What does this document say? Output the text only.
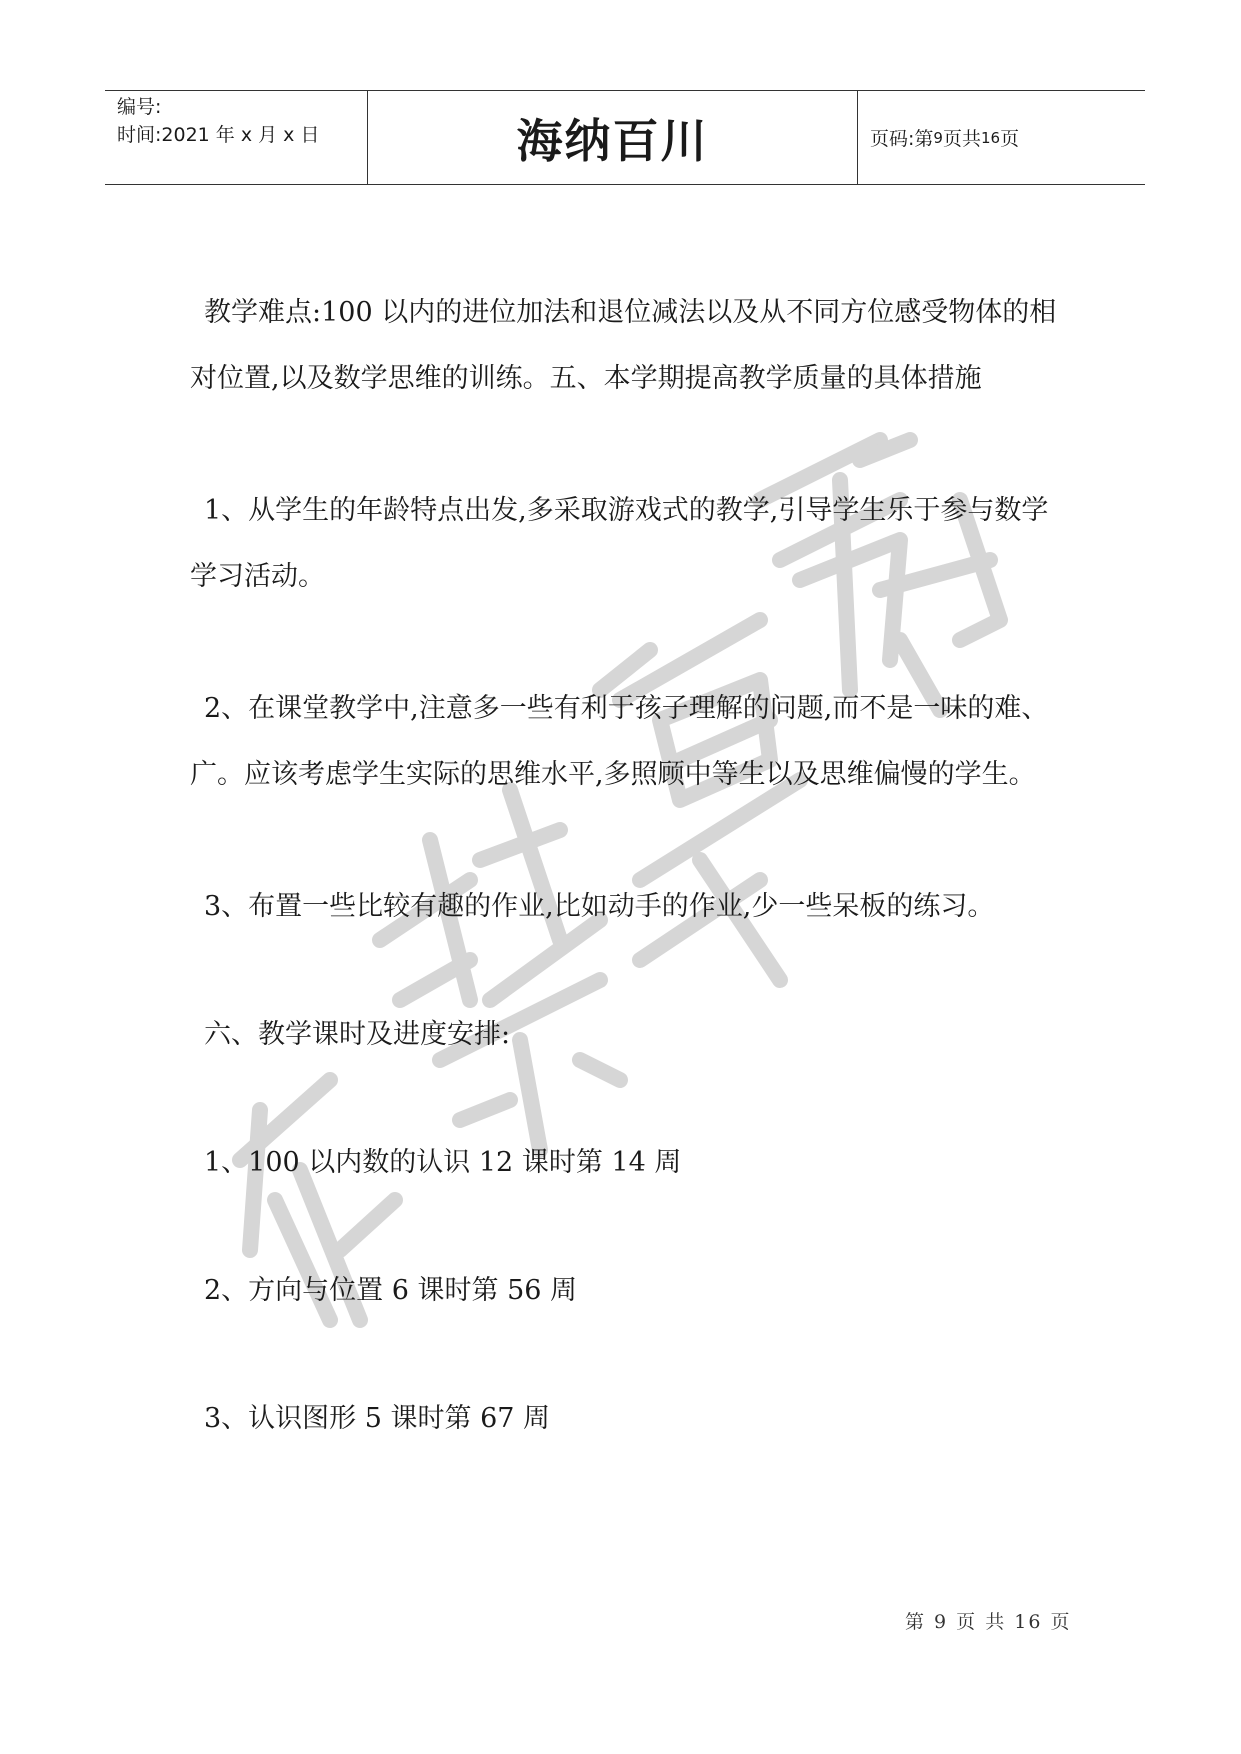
编号:
时间:2021 年 x 月 x 日	海纳百川	页码:第 9 页共 16 页

教学难点:100 以内的进位加法和退位减法以及从不同方位感受物体的相对位置,以及数学思维的训练。五、本学期提高教学质量的具体措施

1、从学生的年龄特点出发,多采取游戏式的教学,引导学生乐于参与数学学习活动。

2、在课堂教学中,注意多一些有利于孩子理解的问题,而不是一味的难、广。应该考虑学生实际的思维水平,多照顾中等生以及思维偏慢的学生。

3、布置一些比较有趣的作业,比如动手的作业,少一些呆板的练习。

六、教学课时及进度安排:

1、100 以内数的认识 12 课时第 14 周

2、方向与位置 6 课时第 56 周

3、认识图形 5 课时第 67 周

第 9 页 共 16 页
